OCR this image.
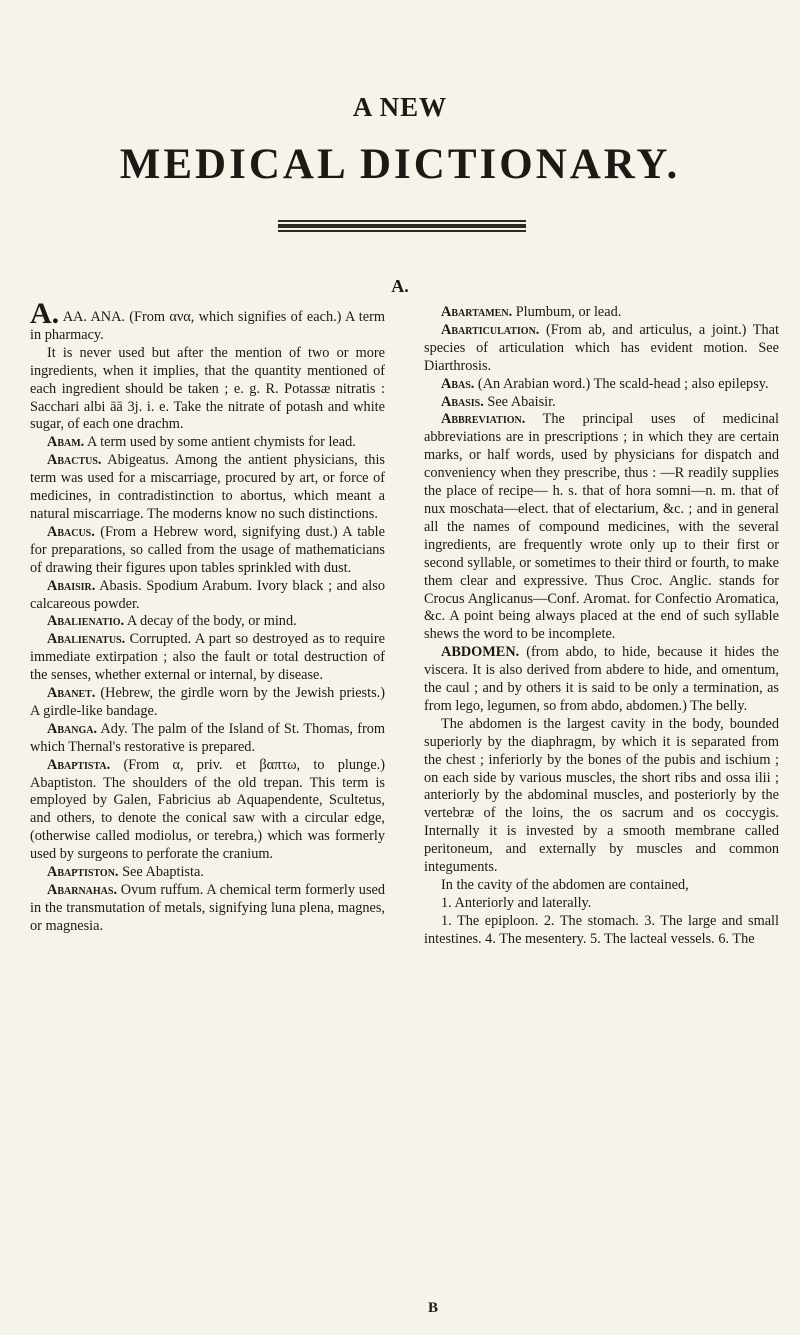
A NEW
MEDICAL DICTIONARY.
A.

A. AA. ANA. (From ανα, which signifies of each.) A term in pharmacy.

It is never used but after the mention of two or more ingredients, when it implies, that the quantity mentioned of each ingredient should be taken ; e. g. R. Potassæ nitratis : Sacchari albi āā 3j. i. e. Take the nitrate of potash and white sugar, of each one drachm.

Abam. A term used by some antient chymists for lead.

Abactus. Abigeatus. Among the antient physicians, this term was used for a miscarriage, procured by art, or force of medicines, in contradistinction to abortus, which meant a natural miscarriage. The moderns know no such distinctions.

Abacus. (From a Hebrew word, signifying dust.) A table for preparations, so called from the usage of mathematicians of drawing their figures upon tables sprinkled with dust.

Abaisir. Abasis. Spodium Arabum. Ivory black ; and also calcareous powder.

Abalienatio. A decay of the body, or mind.

Abalienatus. Corrupted. A part so destroyed as to require immediate extirpation ; also the fault or total destruction of the senses, whether external or internal, by disease.

Abanet. (Hebrew, the girdle worn by the Jewish priests.) A girdle-like bandage.

Abanga. Ady. The palm of the Island of St. Thomas, from which Thernal's restorative is prepared.

Abaptista. (From α, priv. et βαπτω, to plunge.) Abaptiston. The shoulders of the old trepan. This term is employed by Galen, Fabricius ab Aquapendente, Scultetus, and others, to denote the conical saw with a circular edge, (otherwise called modiolus, or terebra,) which was formerly used by surgeons to perforate the cranium.

Abaptiston. See Abaptista.

Abarnahas. Ovum ruffum. A chemical term formerly used in the transmutation of metals, signifying luna plena, magnes, or magnesia.

Abartamen. Plumbum, or lead.

Abarticulation. (From ab, and articulus, a joint.) That species of articulation which has evident motion. See Diarthrosis.

Abas. (An Arabian word.) The scald-head ; also epilepsy.

Abasis. See Abaisir.

Abbreviation. The principal uses of medicinal abbreviations are in prescriptions ; in which they are certain marks, or half words, used by physicians for dispatch and conveniency when they prescribe, thus : —R readily supplies the place of recipe— h. s. that of hora somni—n. m. that of nux moschata—elect. that of electarium, &c. ; and in general all the names of compound medicines, with the several ingredients, are frequently wrote only up to their first or second syllable, or sometimes to their third or fourth, to make them clear and expressive. Thus Croc. Anglic. stands for Crocus Anglicanus—Conf. Aromat. for Confectio Aromatica, &c. A point being always placed at the end of such syllable shews the word to be incomplete.

ABDOMEN. (from abdo, to hide, because it hides the viscera. It is also derived from abdere to hide, and omentum, the caul ; and by others it is said to be only a termination, as from lego, legumen, so from abdo, abdomen.) The belly.

The abdomen is the largest cavity in the body, bounded superiorly by the diaphragm, by which it is separated from the chest ; inferiorly by the bones of the pubis and ischium ; on each side by various muscles, the short ribs and ossa ilii ; anteriorly by the abdominal muscles, and posteriorly by the vertebræ of the loins, the os sacrum and os coccygis. Internally it is invested by a smooth membrane called peritoneum, and externally by muscles and common integuments.

In the cavity of the abdomen are contained,

1. Anteriorly and laterally.

1. The epiploon. 2. The stomach. 3. The large and small intestines. 4. The mesentery. 5. The lacteal vessels. 6. The

B
